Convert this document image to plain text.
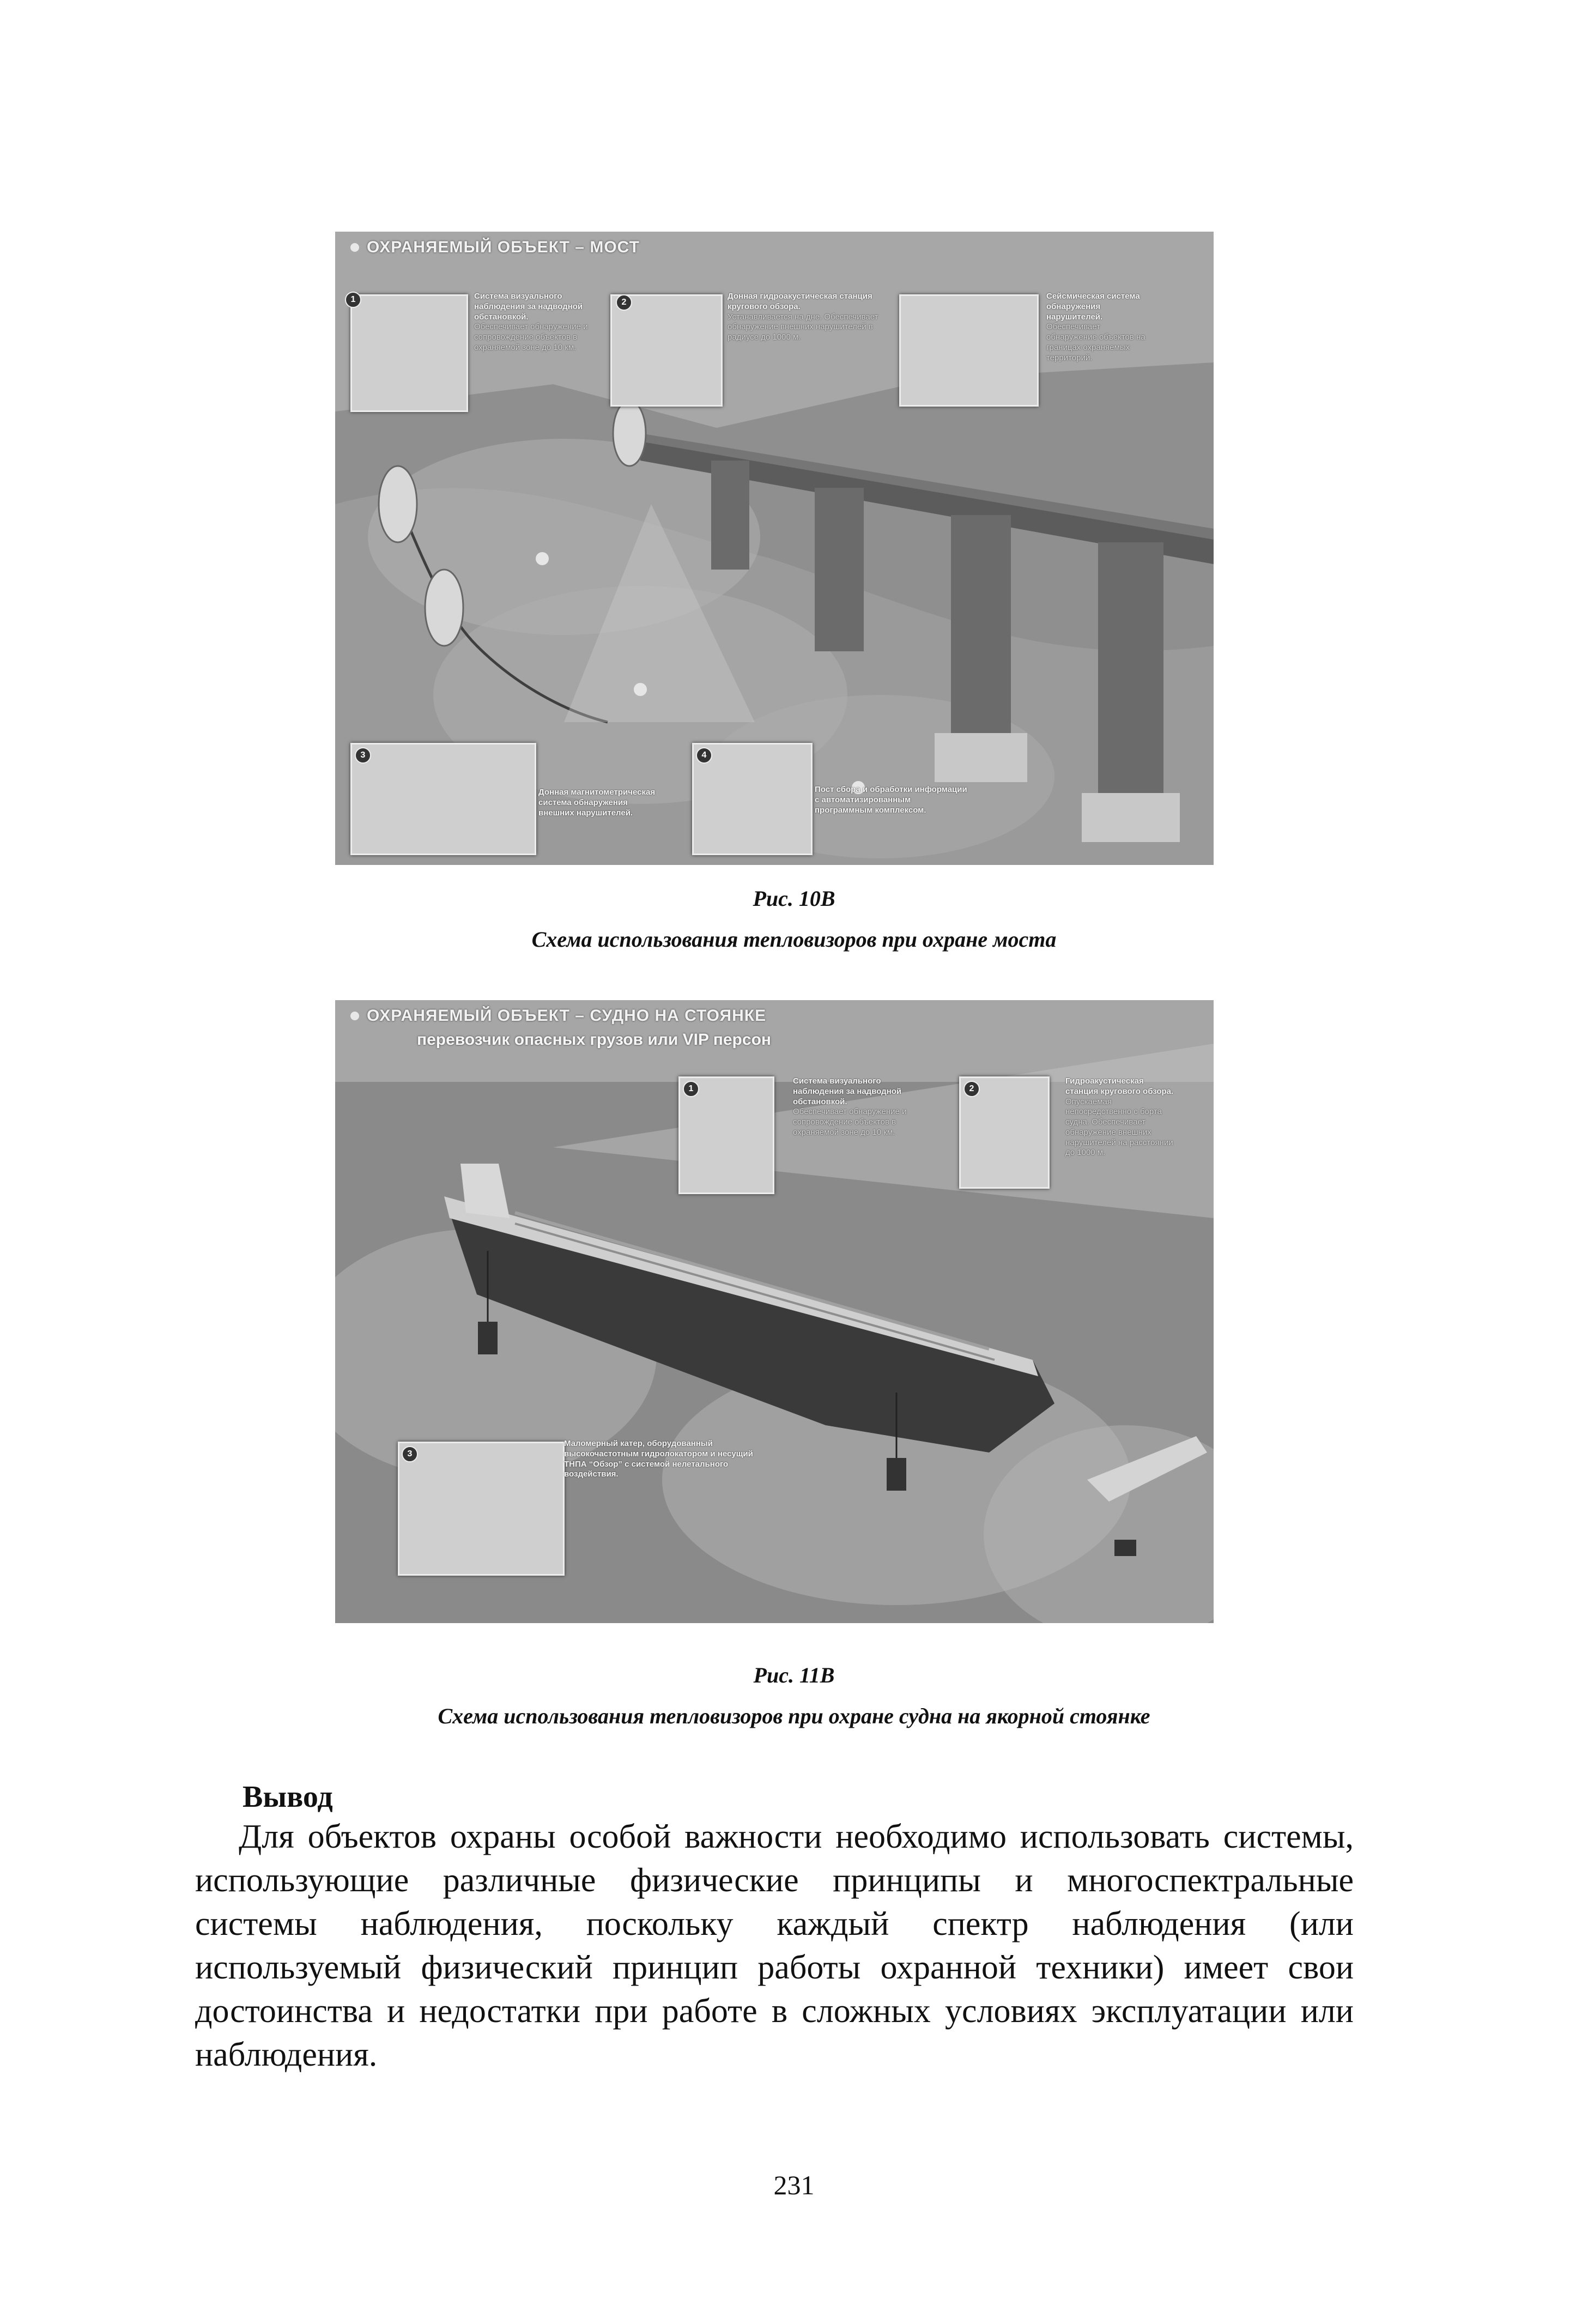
ОХРАНЯЕМЫЙ ОБЪЕКТ – МОСТ
1	Система визуального наблюдения за надводной обстановкой.
Обеспечивает обнаружение и сопровождение объектов в охраняемой зоне до 10 км.
2
Донная гидроакустическая станция кругового обзора.
Устанавливается на дне. Обеспечивает обнаружение внешних нарушителей в радиусе до 1000 м.
Сейсмическая система обнаружения нарушителей.
Обеспечивает обнаружение объектов на границах охраняемых территорий.
3
Донная магнитометрическая система обнаружения внешних нарушителей.
4
Пост сбора и обработки информации с автоматизированным программным комплексом.
Рис. 10В
Схема использования тепловизоров при охране моста
ОХРАНЯЕМЫЙ ОБЪЕКТ – СУДНО НА СТОЯНКЕ
перевозчик опасных грузов или VIP персон
1
Система визуального наблюдения за надводной обстановкой.
Обеспечивает обнаружение и сопровождение объектов в охраняемой зоне до 10 км.
2
Гидроакустическая станция кругового обзора.
Опускаемая непосредственно с борта судна. Обеспечивает обнаружение внешних нарушителей на расстоянии до 1000 м.
3
Маломерный катер, оборудованный высокочастотным гидролокатором и несущий ТНПА “Обзор” с системой нелетального воздействия.
Рис. 11В
Схема использования тепловизоров при охране судна на якорной стоянке
Вывод
Для объектов охраны особой важности необходимо использовать системы, использующие различные физические принципы и многоспектральные системы наблюдения, поскольку каждый спектр наблюдения (или используемый физический принцип работы охранной техники) имеет свои достоинства и недостатки при работе в сложных условиях эксплуатации или наблюдения.
231
